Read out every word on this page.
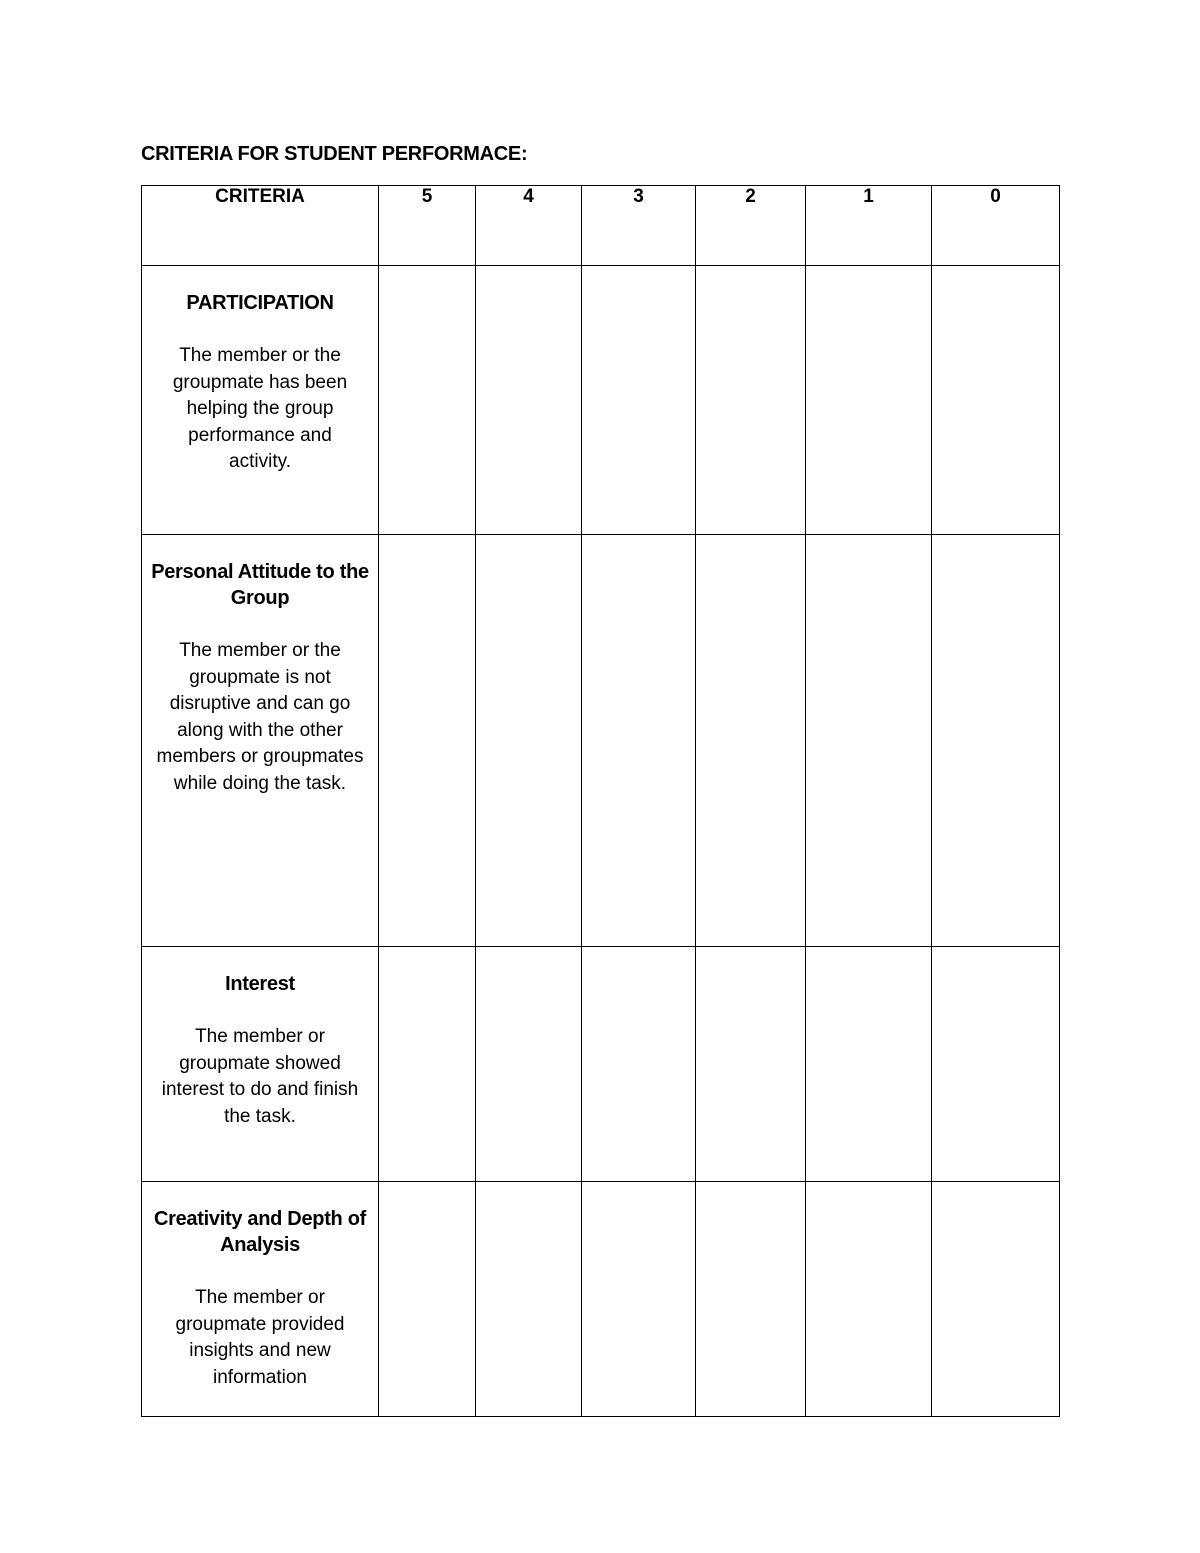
CRITERIA FOR STUDENT PERFORMACE:
CRITERIA	5	4	3	2	1	0

PARTICIPATION
The member or the groupmate has been helping the group performance and activity.						

Personal Attitude to the Group
The member or the groupmate is not disruptive and can go along with the other members or groupmates while doing the task.						

Interest
The member or groupmate showed interest to do and finish the task.						

Creativity and Depth of Analysis
The member or groupmate provided insights and new information						
